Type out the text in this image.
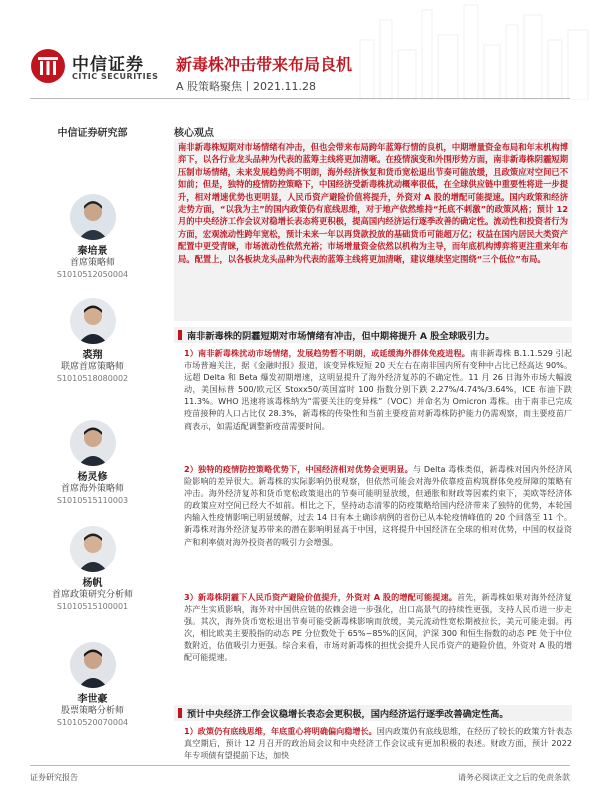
中信证券
CITIC SECURITIES
新毒株冲击带来布局良机
A 股策略聚焦丨2021.11.28
中信证券研究部
秦培景
首席策略师
S1010512050004
裘翔
联席首席策略师
S1010518080002
杨灵修
首席海外策略师
S1010515110003
杨帆
首席政策研究分析师
S1010515100001
李世豪
股票策略分析师
S1010520070004
核心观点
南非新毒株短期对市场情绪有冲击，但也会带来布局跨年蓝筹行情的良机，中期增量资金布局和年末机构博弈下，以各行业龙头品种为代表的蓝筹主线将更加清晰。在疫情演变和外围形势方面，南非新毒株阴霾短期压制市场情绪，未来发展趋势尚不明朗，海外经济恢复和货币宽松退出节奏可能放缓，且政策应对空间已不如前；但是，独特的疫情防控策略下，中国经济受新毒株扰动概率很低，在全球供应链中重要性将进一步提升，相对增速优势也更明显，人民币资产避险价值将提升，外资对 A 股的增配可能提速。国内政策和经济走势方面，“以我为主”的国内政策仍有底线思维，对于地产依然维持“托底不刺激”的政策风格；预计 12 月的中央经济工作会议对稳增长表态将更积极，提高国内经济运行逐季改善的确定性。流动性和投资者行为方面，宏观流动性跨年宽松，预计未来一年以再贷款投放的基础货币可能超万亿；权益在国内居民大类资产配置中更受青睐，市场流动性依然充裕；市场增量资金依然以机构为主导，而年底机构博弈将更注重来年布局。配置上，以各板块龙头品种为代表的蓝筹主线将更加清晰，建议继续坚定围绕“三个低位”布局。
南非新毒株的阴霾短期对市场情绪有冲击，但中期将提升 A 股全球吸引力。
1）南非新毒株扰动市场情绪，发展趋势暂不明朗，或延缓海外群体免疫进程。南非新毒株 B.1.1.529 引起市场普遍关注，据《金融时报》报道，该变异株短短 20 天左右在南非国内所有变种中占比已经高达 90%。远超 Delta 和 Beta 爆发初期增速，这明显提升了海外经济复苏的不确定性。11 月 26 日海外市场大幅波动，美国标普 500/欧元区 Stoxx50/英国富时 100 指数分别下跌 2.27%/4.74%/3.64%，ICE 布油下跌 11.3%。WHO 迅速将该毒株纳为“需要关注的变异株”（VOC）并命名为 Omicron 毒株。由于南非已完成疫苗接种的人口占比仅 28.3%，新毒株的传染性和当前主要疫苗对新毒株防护能力仍需观察，而主要疫苗厂商表示，如需适配调整新疫苗需要时间。
2）独特的疫情防控策略优势下，中国经济相对优势会更明显。与 Delta 毒株类似，新毒株对国内外经济风险影响的差异很大。新毒株的实际影响仍很观察，但依然可能会对海外依靠疫苗构筑群体免疫屏障的策略有冲击。海外经济复苏和货币宽松政策退出的节奏可能明显放缓，但通胀和财政等因素约束下，美欧等经济体的政策应对空间已经大不如前。相比之下，坚持动态清零的防疫策略给国内经济带来了独特的优势，本轮国内输入性疫情影响已明显缓解，过去 14 日有本土确诊病例的省份已从本轮疫情峰值的 20 个回落至 11 个。新毒株对海外经济复苏带来的潜在影响明显高于中国，这将提升中国经济在全球的相对优势，中国的权益资产和利率债对海外投资者的吸引力会增强。
3）新毒株阴霾下人民币资产避险价值提升，外资对 A 股的增配可能提速。首先，新毒株如果对海外经济复苏产生实质影响，海外对中国供应链的依赖会进一步强化，出口高景气的持续性更强，支持人民币进一步走强。其次，海外货币宽松退出节奏可能受新毒株影响而放缓，美元流动性宽松期被拉长，美元可能走弱。再次，相比欧美主要股指的动态 PE 分位数处于 65%~85%的区间，沪深 300 和恒生指数的动态 PE 处于中位数附近，估值吸引力更强。综合来看，市场对新毒株的担忧会提升人民币资产的避险价值，外资对 A 股的增配可能提速。
预计中央经济工作会议稳增长表态会更积极，国内经济运行逐季改善确定性高。
1）政策仍有底线思维，年底重心将明确偏向稳增长。国内政策仍有底线思维，在经历了较长的政策方针表态真空期后，预计 12 月召开的政治局会议和中央经济工作会议或有更加积极的表述。财政方面，预计 2022 年专项债有望提前下达，加快
证券研究报告	请务必阅读正文之后的免责条款
